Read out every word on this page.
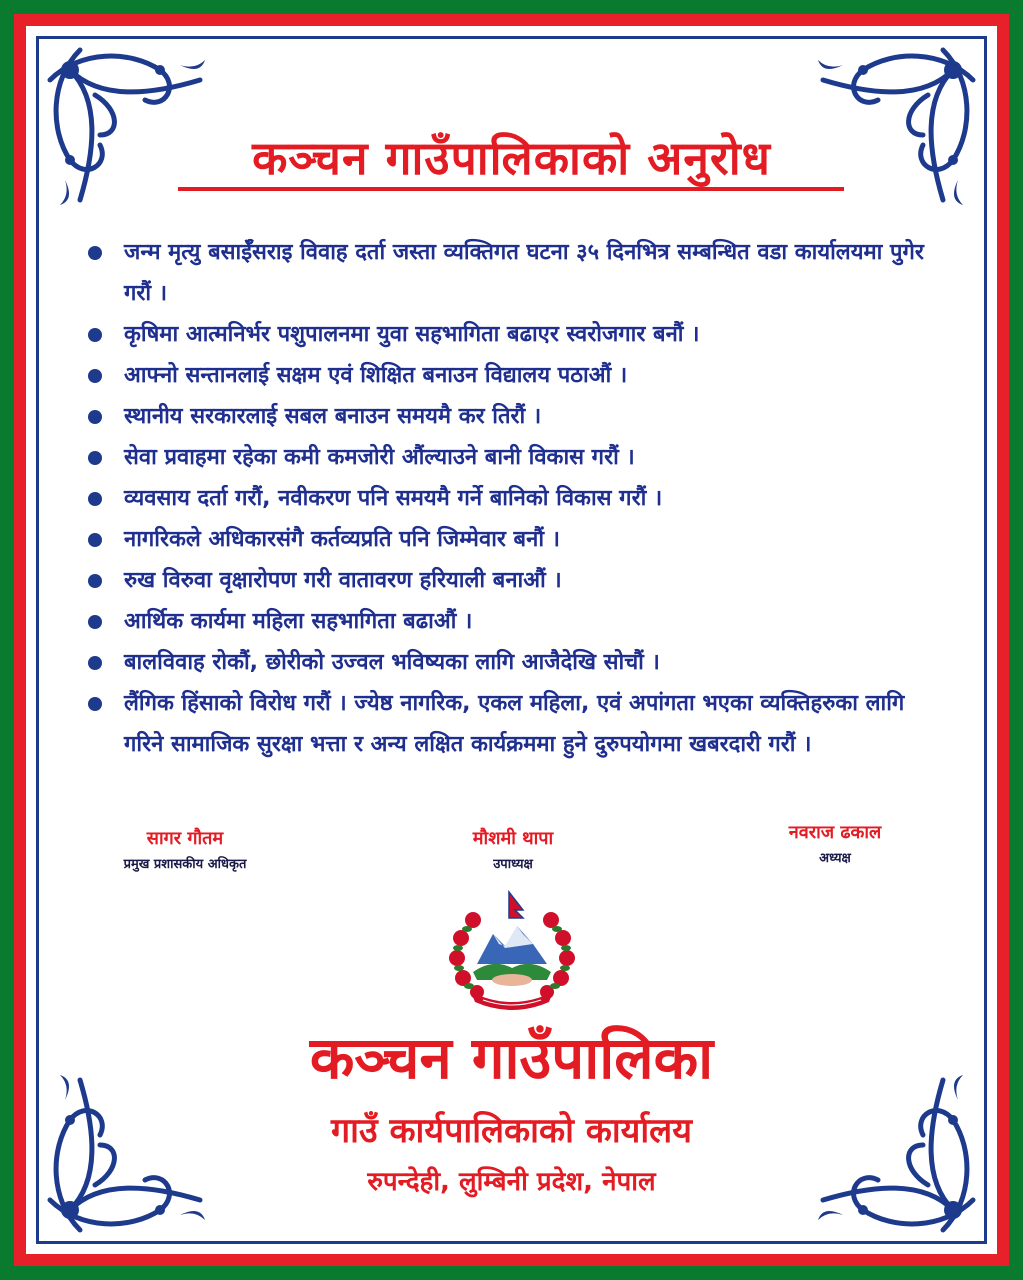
कञ्चन गाउँपालिकाको अनुरोध
जन्म मृत्यु बसाईँसराइ विवाह दर्ता जस्ता व्यक्तिगत घटना ३५ दिनभित्र सम्बन्धित वडा कार्यालयमा पुगेर गरौं ।
कृषिमा आत्मनिर्भर पशुपालनमा युवा सहभागिता बढाएर स्वरोजगार बनौं ।
आफ्नो सन्तानलाई सक्षम एवं शिक्षित बनाउन विद्यालय पठाऔं ।
स्थानीय सरकारलाई सबल बनाउन समयमै कर तिरौं ।
सेवा प्रवाहमा रहेका कमी कमजोरी औंल्याउने बानी विकास गरौं ।
व्यवसाय दर्ता गरौं, नवीकरण पनि समयमै गर्ने बानिको विकास गरौं ।
नागरिकले अधिकारसंगै कर्तव्यप्रति पनि जिम्मेवार बनौं ।
रुख विरुवा वृक्षारोपण गरी वातावरण हरियाली बनाऔं ।
आर्थिक कार्यमा महिला सहभागिता बढाऔं ।
बालविवाह रोकौं, छोरीको उज्वल भविष्यका लागि आजैदेखि सोचौं ।
लैंगिक हिंसाको विरोध गरौं । ज्येष्ठ नागरिक, एकल महिला, एवं अपांगता भएका व्यक्तिहरुका लागि गरिने सामाजिक सुरक्षा भत्ता र अन्य लक्षित कार्यक्रममा हुने दुरुपयोगमा खबरदारी गरौं ।
सागर गौतम
प्रमुख प्रशासकीय अधिकृत
मौशमी थापा
उपाध्यक्ष
नवराज ढकाल
अध्यक्ष
कञ्चन गाउँपालिका
गाउँ कार्यपालिकाको कार्यालय
रुपन्देही, लुम्बिनी प्रदेश, नेपाल
